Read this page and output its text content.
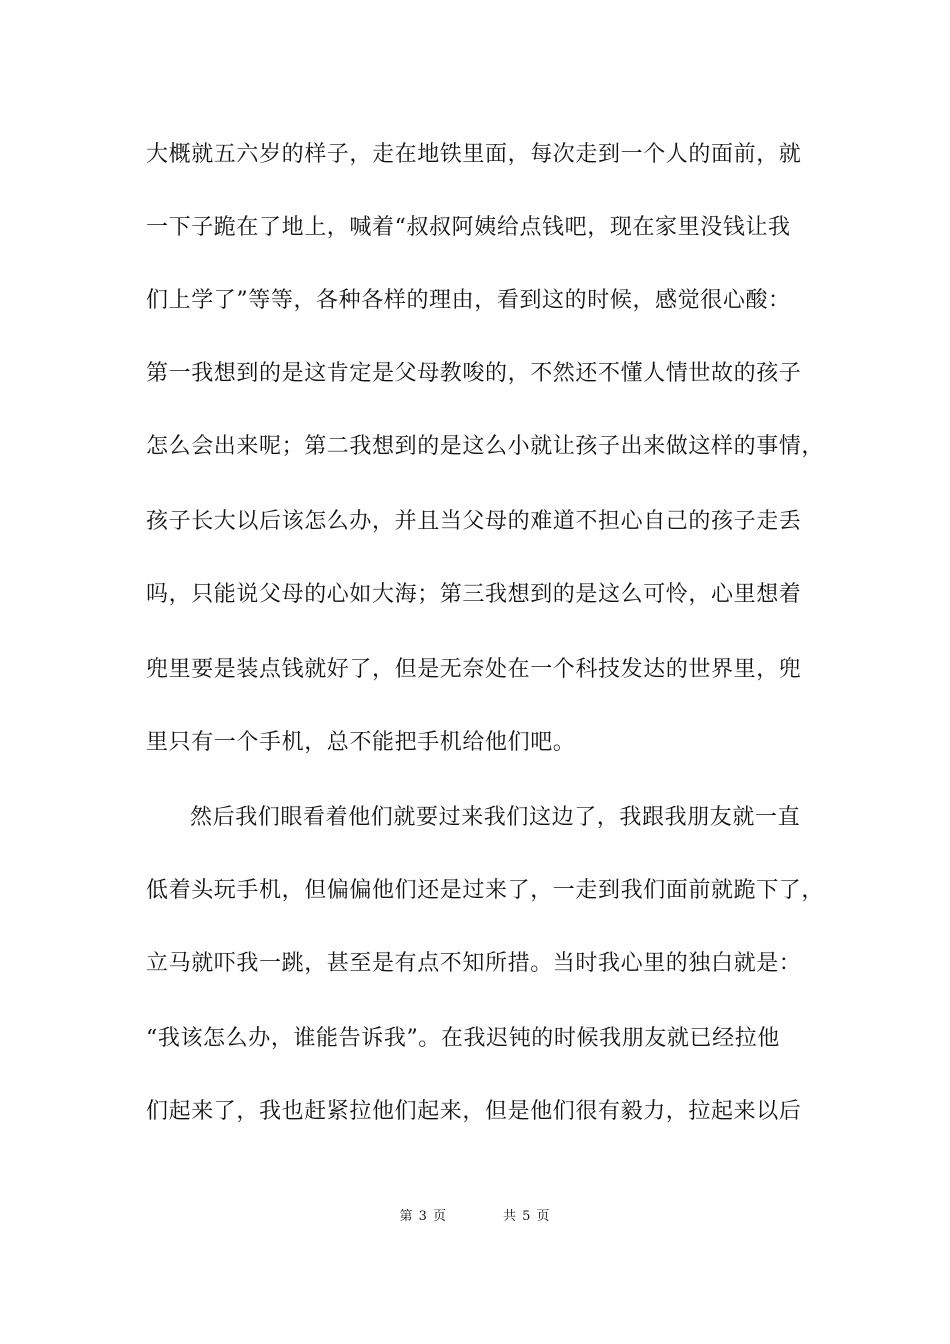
大概就五六岁的样子，走在地铁里面，每次走到一个人的面前，就
一下子跪在了地上，喊着“叔叔阿姨给点钱吧，现在家里没钱让我
们上学了”等等，各种各样的理由，看到这的时候，感觉很心酸：
第一我想到的是这肯定是父母教唆的，不然还不懂人情世故的孩子
怎么会出来呢；第二我想到的是这么小就让孩子出来做这样的事情，
孩子长大以后该怎么办，并且当父母的难道不担心自己的孩子走丢
吗，只能说父母的心如大海；第三我想到的是这么可怜，心里想着
兜里要是装点钱就好了，但是无奈处在一个科技发达的世界里，兜
里只有一个手机，总不能把手机给他们吧。
然后我们眼看着他们就要过来我们这边了，我跟我朋友就一直
低着头玩手机，但偏偏他们还是过来了，一走到我们面前就跪下了，
立马就吓我一跳，甚至是有点不知所措。当时我心里的独白就是：
“我该怎么办，谁能告诉我”。在我迟钝的时候我朋友就已经拉他
们起来了，我也赶紧拉他们起来，但是他们很有毅力，拉起来以后
第 3 页	共 5 页
